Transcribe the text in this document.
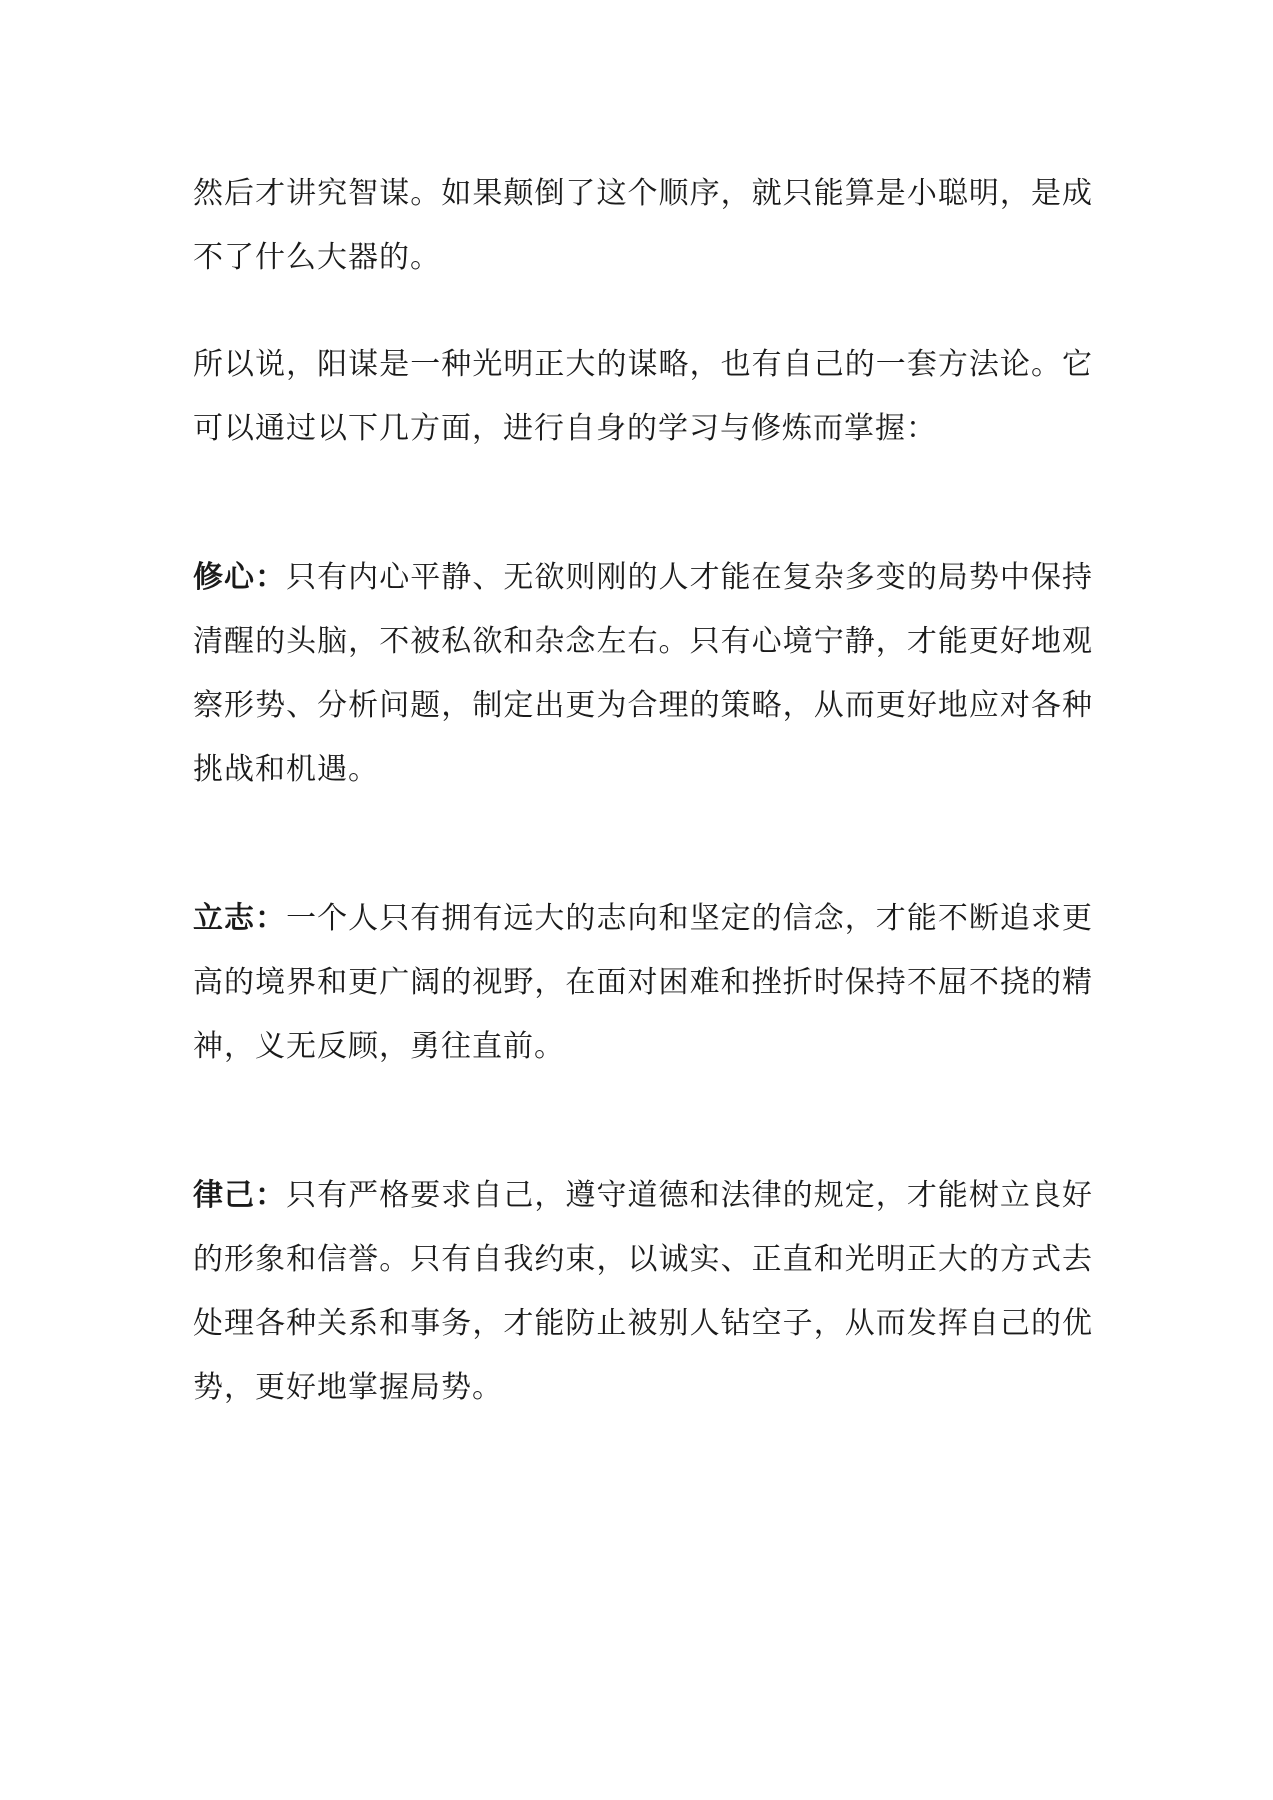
然后才讲究智谋。如果颠倒了这个顺序，就只能算是小聪明，是成不了什么大器的。

所以说，阳谋是一种光明正大的谋略，也有自己的一套方法论。它可以通过以下几方面，进行自身的学习与修炼而掌握：

修心：只有内心平静、无欲则刚的人才能在复杂多变的局势中保持清醒的头脑，不被私欲和杂念左右。只有心境宁静，才能更好地观察形势、分析问题，制定出更为合理的策略，从而更好地应对各种挑战和机遇。

立志：一个人只有拥有远大的志向和坚定的信念，才能不断追求更高的境界和更广阔的视野，在面对困难和挫折时保持不屈不挠的精神，义无反顾，勇往直前。

律己：只有严格要求自己，遵守道德和法律的规定，才能树立良好的形象和信誉。只有自我约束，以诚实、正直和光明正大的方式去处理各种关系和事务，才能防止被别人钻空子，从而发挥自己的优势，更好地掌握局势。
